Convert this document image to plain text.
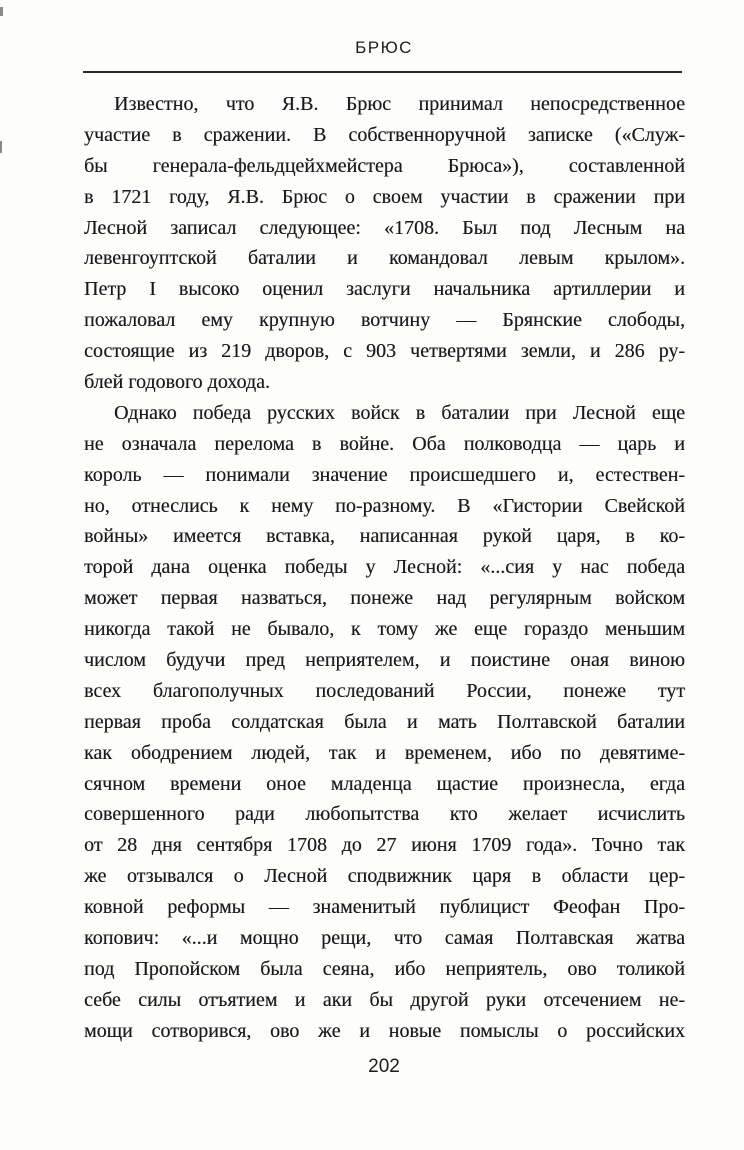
БРЮС
Известно, что Я.В. Брюс принимал непосредственное
участие в сражении. В собственноручной записке («Служ-
бы генерала-фельдцейхмейстера Брюса»), составленной
в 1721 году, Я.В. Брюс о своем участии в сражении при
Лесной записал следующее: «1708. Был под Лесным на
левенгоуптской баталии и командовал левым крылом».
Петр I высоко оценил заслуги начальника артиллерии и
пожаловал ему крупную вотчину — Брянские слободы,
состоящие из 219 дворов, с 903 четвертями земли, и 286 ру-
блей годового дохода.
Однако победа русских войск в баталии при Лесной еще
не означала перелома в войне. Оба полководца — царь и
король — понимали значение происшедшего и, естествен-
но, отнеслись к нему по-разному. В «Гистории Свейской
войны» имеется вставка, написанная рукой царя, в ко-
торой дана оценка победы у Лесной: «...сия у нас победа
может первая назваться, понеже над регулярным войском
никогда такой не бывало, к тому же еще гораздо меньшим
числом будучи пред неприятелем, и поистине оная виною
всех благополучных последований России, понеже тут
первая проба солдатская была и мать Полтавской баталии
как ободрением людей, так и временем, ибо по девятиме-
сячном времени оное младенца щастие произнесла, егда
совершенного ради любопытства кто желает исчислить
от 28 дня сентября 1708 до 27 июня 1709 года». Точно так
же отзывался о Лесной сподвижник царя в области цер-
ковной реформы — знаменитый публицист Феофан Про-
копович: «...и мощно рещи, что самая Полтавская жатва
под Пропойском была сеяна, ибо неприятель, ово толикой
себе силы отъятием и аки бы другой руки отсечением не-
мощи сотворився, ово же и новые помыслы о российских
202
